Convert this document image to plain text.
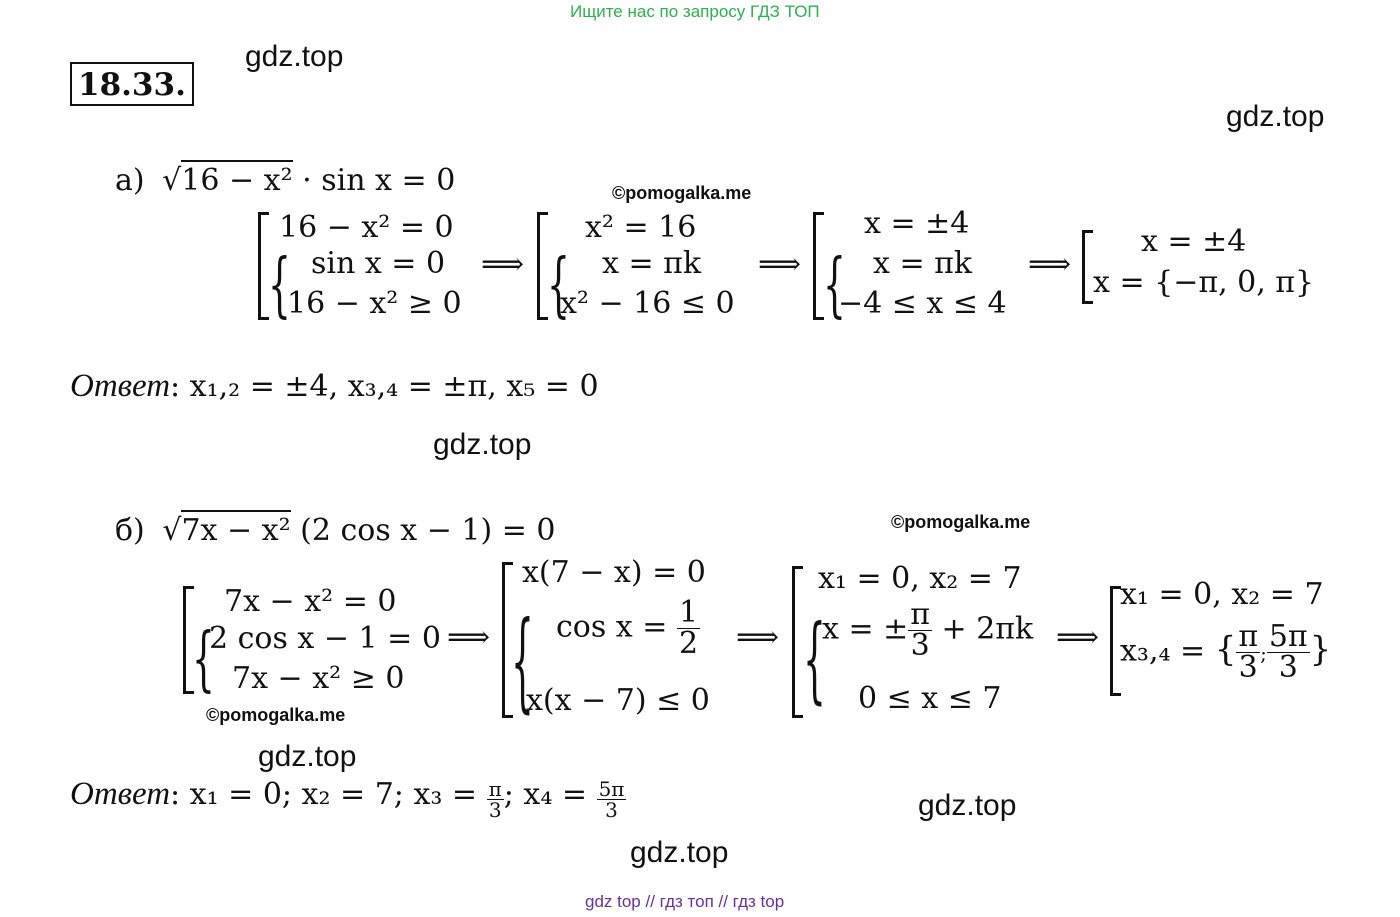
Ищите нас по запросу ГДЗ ТОП
18.33.
gdz.top
gdz.top
gdz.top
gdz.top
gdz.top
gdz.top
©pomogalka.me
©pomogalka.me
©pomogalka.me
а) √16 − x² · sin x = 0
16 − x² = 0
{ sin x = 0
16 − x² ≥ 0
⟹
x² = 16
{ x = πk
x² − 16 ≤ 0
⟹
x = ±4
{ x = πk
−4 ≤ x ≤ 4
⟹
x = ±4
x = {−π, 0, π}
Ответ: x₁,₂ = ±4, x₃,₄ = ±π, x₅ = 0
б) √7x − x² (2 cos x − 1) = 0
7x − x² = 0
{
2 cos x − 1 = 0
7x − x² ≥ 0
⟹
x(7 − x) = 0
{ $\cos x = \frac{1}{2}$
x(x − 7) ≤ 0
⟹
x₁ = 0, x₂ = 7
{
x = ± $\frac{\pi}{3} + 2\pi k$
0 ≤ x ≤ 7
⟹
x₁ = 0, x₂ = 7
x₃,₄ = { $\frac{\pi}{3}$ ; $\frac{5\pi}{3}$ }
Ответ: x₁ = 0; x₂ = 7; $x_3 = \frac{\pi}{3}$ ; $x_4 = \frac{5\pi}{3}$
gdz top // гдз топ // гдз top
